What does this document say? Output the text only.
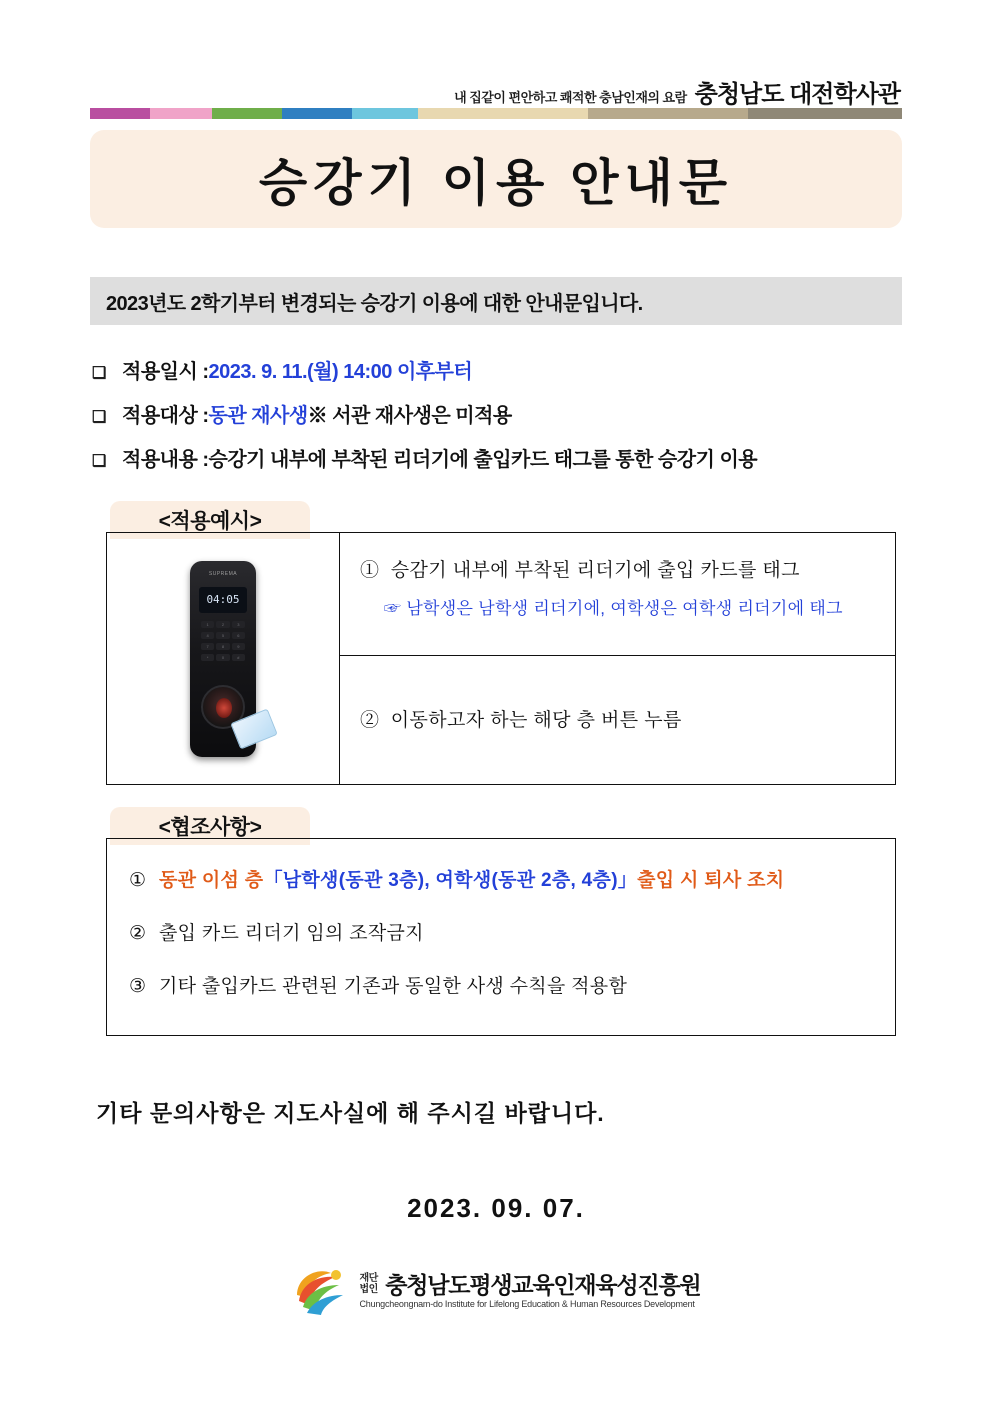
내 집같이 편안하고 쾌적한 충남인재의 요람 충청남도 대전학사관
승강기 이용 안내문
2023년도 2학기부터 변경되는 승강기 이용에 대한 안내문입니다.
❑ 적용일시 : 2023. 9. 11.(월) 14:00 이후부터
❑ 적용대상 : 동관 재사생 ※ 서관 재사생은 미적용
❑ 적용내용 : 승강기 내부에 부착된 리더기에 출입카드 태그를 통한 승강기 이용
<적용예시>
SUPREMA
04:05
1	2	3
4	5	6
7	8	9
*	0	#
① 승감기 내부에 부착된 리더기에 출입 카드를 태그
☞ 남학생은 남학생 리더기에, 여학생은 여학생 리더기에 태그
② 이동하고자 하는 해당 층 버튼 누름
<협조사항>
① 동관 이섬 층 「남학생(동관 3층), 여학생(동관 2층, 4층)」 출입 시 퇴사 조치
② 출입 카드 리더기 임의 조작금지
③ 기타 출입카드 관련된 기존과 동일한 사생 수칙을 적용함
기타 문의사항은 지도사실에 해 주시길 바랍니다.
2023. 09. 07.
재단
법인 충청남도평생교육인재육성진흥원
Chungcheongnam-do Institute for Lifelong Education & Human Resources Development
